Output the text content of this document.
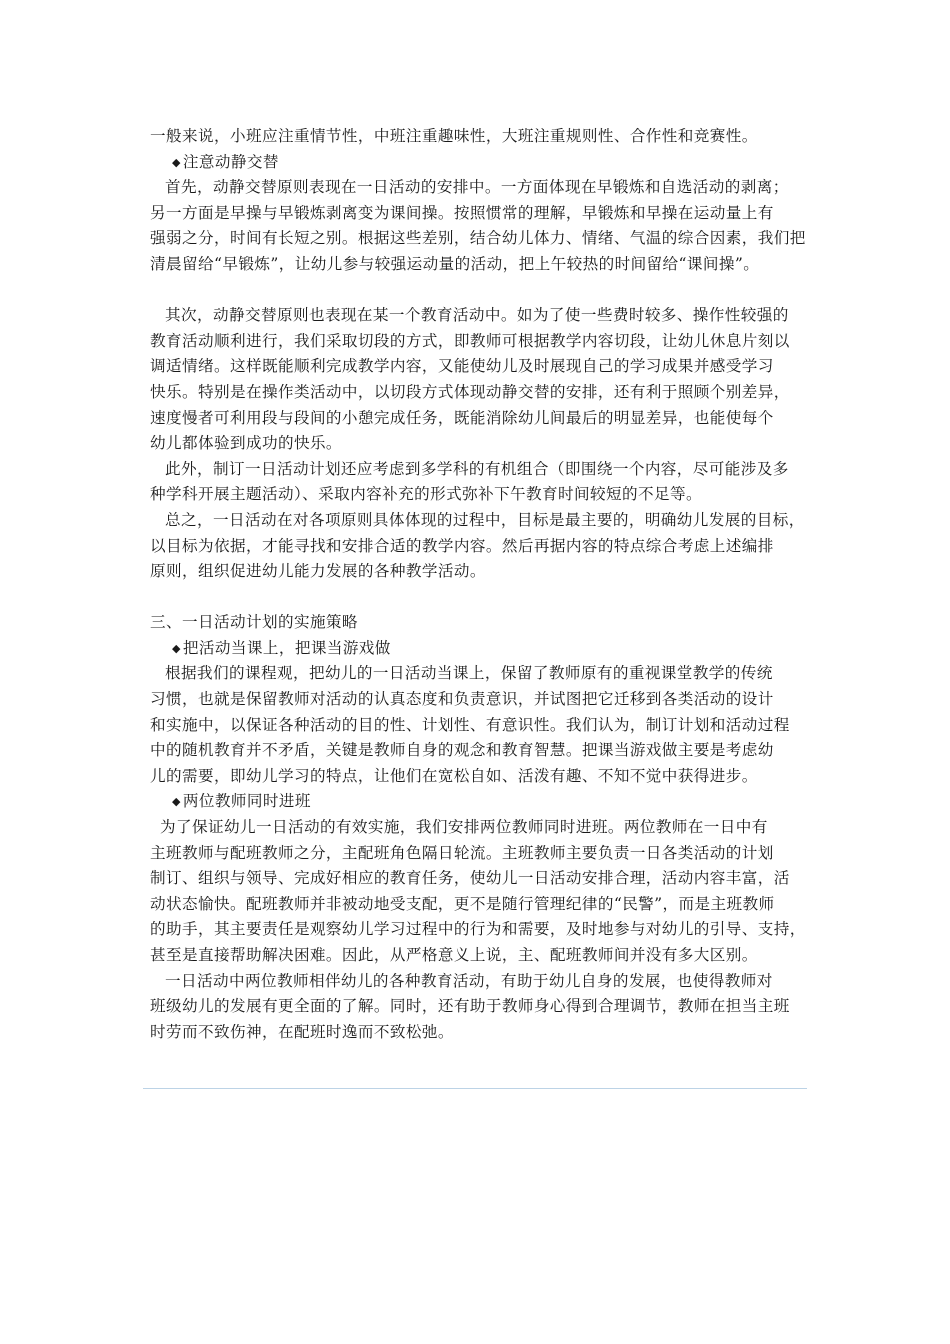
一般来说，小班应注重情节性，中班注重趣味性，大班注重规则性、合作性和竞赛性。
◆ 注意动静交替
首先，动静交替原则表现在一日活动的安排中。一方面体现在早锻炼和自选活动的剥离；
另一方面是早操与早锻炼剥离变为课间操。按照惯常的理解，早锻炼和早操在运动量上有
强弱之分，时间有长短之别。根据这些差别，结合幼儿体力、情绪、气温的综合因素，我们把
清晨留给“早锻炼”，让幼儿参与较强运动量的活动，把上午较热的时间留给“课间操”。
其次，动静交替原则也表现在某一个教育活动中。如为了使一些费时较多、操作性较强的
教育活动顺利进行，我们采取切段的方式，即教师可根据教学内容切段，让幼儿休息片刻以
调适情绪。这样既能顺利完成教学内容，又能使幼儿及时展现自己的学习成果并感受学习
快乐。特别是在操作类活动中，以切段方式体现动静交替的安排，还有利于照顾个别差异，
速度慢者可利用段与段间的小憩完成任务，既能消除幼儿间最后的明显差异，也能使每个
幼儿都体验到成功的快乐。
此外，制订一日活动计划还应考虑到多学科的有机组合（即围绕一个内容，尽可能涉及多
种学科开展主题活动）、采取内容补充的形式弥补下午教育时间较短的不足等。
总之，一日活动在对各项原则具体体现的过程中，目标是最主要的，明确幼儿发展的目标，
以目标为依据，才能寻找和安排合适的教学内容。然后再据内容的特点综合考虑上述编排
原则，组织促进幼儿能力发展的各种教学活动。
三、一日活动计划的实施策略
◆ 把活动当课上，把课当游戏做
根据我们的课程观，把幼儿的一日活动当课上，保留了教师原有的重视课堂教学的传统
习惯，也就是保留教师对活动的认真态度和负责意识，并试图把它迁移到各类活动的设计
和实施中，以保证各种活动的目的性、计划性、有意识性。我们认为，制订计划和活动过程
中的随机教育并不矛盾，关键是教师自身的观念和教育智慧。把课当游戏做主要是考虑幼
儿的需要，即幼儿学习的特点，让他们在宽松自如、活泼有趣、不知不觉中获得进步。
◆ 两位教师同时进班
为了保证幼儿一日活动的有效实施，我们安排两位教师同时进班。两位教师在一日中有
主班教师与配班教师之分，主配班角色隔日轮流。主班教师主要负责一日各类活动的计划
制订、组织与领导、完成好相应的教育任务，使幼儿一日活动安排合理，活动内容丰富，活
动状态愉快。配班教师并非被动地受支配，更不是随行管理纪律的“民警”，而是主班教师
的助手，其主要责任是观察幼儿学习过程中的行为和需要，及时地参与对幼儿的引导、支持，
甚至是直接帮助解决困难。因此，从严格意义上说，主、配班教师间并没有多大区别。
一日活动中两位教师相伴幼儿的各种教育活动，有助于幼儿自身的发展，也使得教师对
班级幼儿的发展有更全面的了解。同时，还有助于教师身心得到合理调节，教师在担当主班
时劳而不致伤神，在配班时逸而不致松弛。
